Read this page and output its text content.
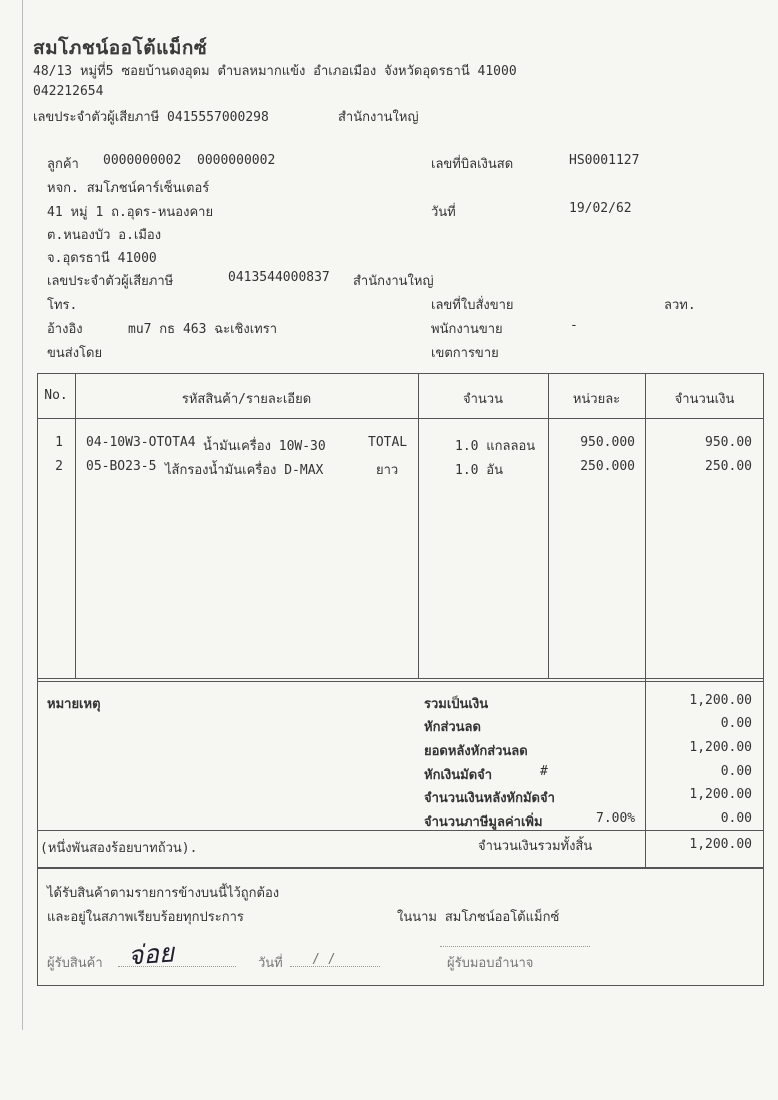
สมโภชน์ออโต้แม็กซ์
48/13 หมู่ที่5 ซอยบ้านดงอุดม ตำบลหมากแข้ง อำเภอเมือง จังหวัดอุดรธานี 41000
042212654
เลขประจำตัวผู้เสียภาษี 0415557000298	สำนักงานใหญ่
ลูกค้า 0000000002 0000000002
หจก. สมโภชน์คาร์เซ็นเตอร์
41 หมู่ 1 ถ.อุดร-หนองคาย
ต.หนองบัว อ.เมือง
จ.อุดรธานี 41000
เลขประจำตัวผู้เสียภาษี	0413544000837 สำนักงานใหญ่
โทร.
อ้างอิง	mu7 กธ 463 ฉะเชิงเทรา
ขนส่งโดย
เลขที่บิลเงินสด	HS0001127
วันที่	19/02/62
เลขที่ใบสั่งขาย	ลวท.
พนักงานขาย	-
เขตการขาย
No.	รหัสสินค้า/รายละเอียด	จำนวน	หน่วยละ	จำนวนเงิน
1 04-10W3-OTOTA4 น้ำมันเครื่อง 10W-30	TOTAL	1.0 แกลลอน	950.000	950.00
2 05-BO23-5 ไส้กรองน้ำมันเครื่อง D-MAX	ยาว	1.0 อัน	250.000	250.00
หมายเหตุ	รวมเป็นเงิน	1,200.00
หักส่วนลด	0.00
ยอดหลังหักส่วนลด	1,200.00
หักเงินมัดจำ	#	0.00
จำนวนเงินหลังหักมัดจำ	1,200.00
จำนวนภาษีมูลค่าเพิ่ม	7.00%	0.00
(หนึ่งพันสองร้อยบาทถ้วน).	จำนวนเงินรวมทั้งสิ้น	1,200.00
ได้รับสินค้าตามรายการข้างบนนี้ไว้ถูกต้อง
และอยู่ในสภาพเรียบร้อยทุกประการ	ในนาม สมโภชน์ออโต้แม็กซ์
ผู้รับสินค้า จ่อย	วันที่ / /	ผู้รับมอบอำนาจ
